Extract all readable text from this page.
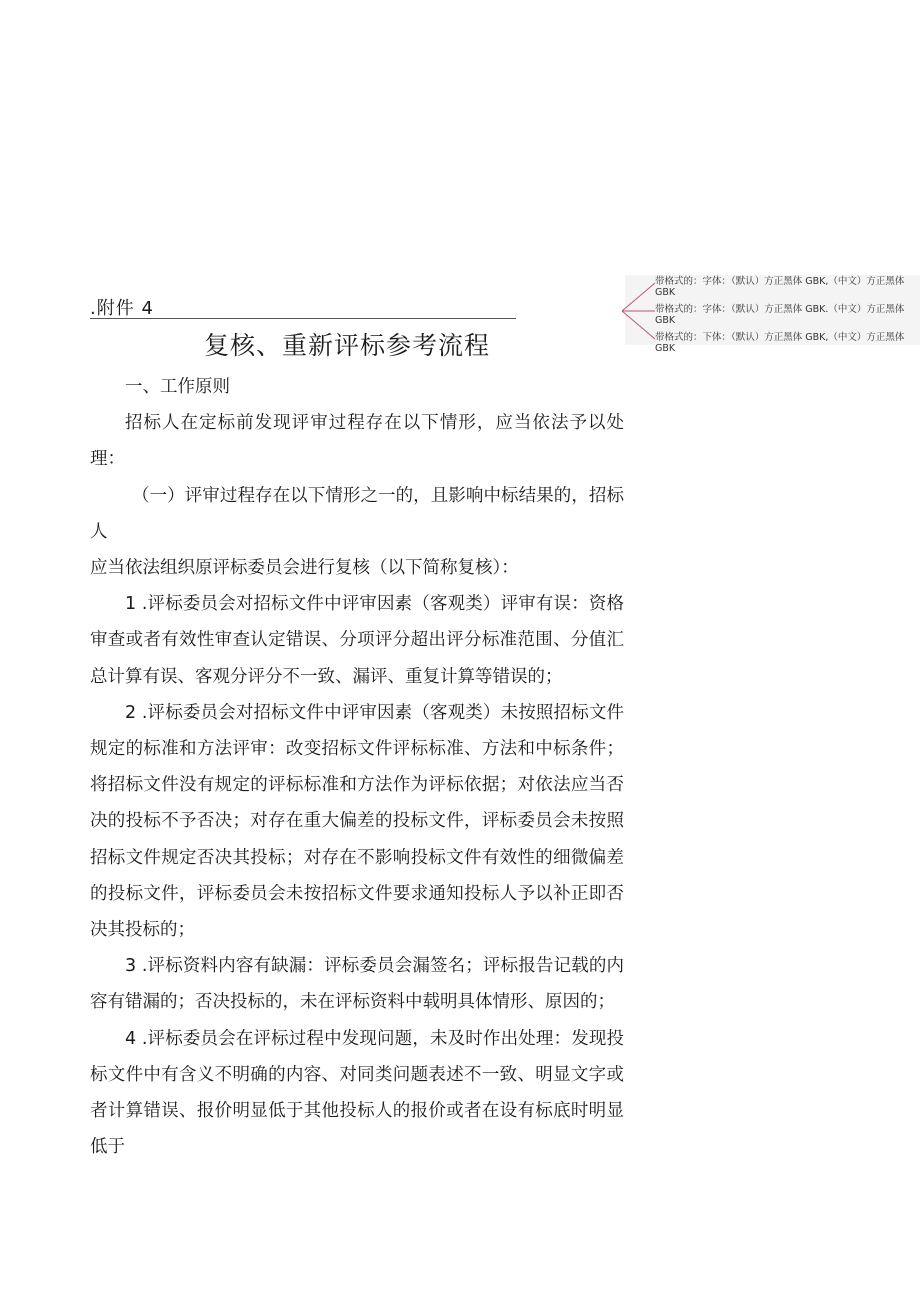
带格式的：字体：（默认）方正黑体 GBK,（中文）方正黑体 GBK
带格式的：字体：（默认）方正黑体 GBK.（中文）方正黑体 GBK
带格式的：下体：（默认）方正黑体 GBK,（中文）方正黑体 GBK
.附件 4
复核、重新评标参考流程

一、工作原则

招标人在定标前发现评审过程存在以下情形，应当依法予以处理：

（一）评审过程存在以下情形之一的，且影响中标结果的，招标人

应当依法组织原评标委员会进行复核（以下简称复核）：

1 .评标委员会对招标文件中评审因素（客观类）评审有误：资格审查或者有效性审查认定错误、分项评分超出评分标准范围、分值汇总计算有误、客观分评分不一致、漏评、重复计算等错误的；

2 .评标委员会对招标文件中评审因素（客观类）未按照招标文件规定的标准和方法评审：改变招标文件评标标准、方法和中标条件；将招标文件没有规定的评标标准和方法作为评标依据；对依法应当否决的投标不予否决；对存在重大偏差的投标文件，评标委员会未按照招标文件规定否决其投标；对存在不影响投标文件有效性的细微偏差的投标文件，评标委员会未按招标文件要求通知投标人予以补正即否决其投标的；

3 .评标资料内容有缺漏：评标委员会漏签名；评标报告记载的内容有错漏的；否决投标的，未在评标资料中载明具体情形、原因的；

4 .评标委员会在评标过程中发现问题，未及时作出处理：发现投标文件中有含义不明确的内容、对同类问题表述不一致、明显文字或者计算错误、报价明显低于其他投标人的报价或者在设有标底时明显低于
